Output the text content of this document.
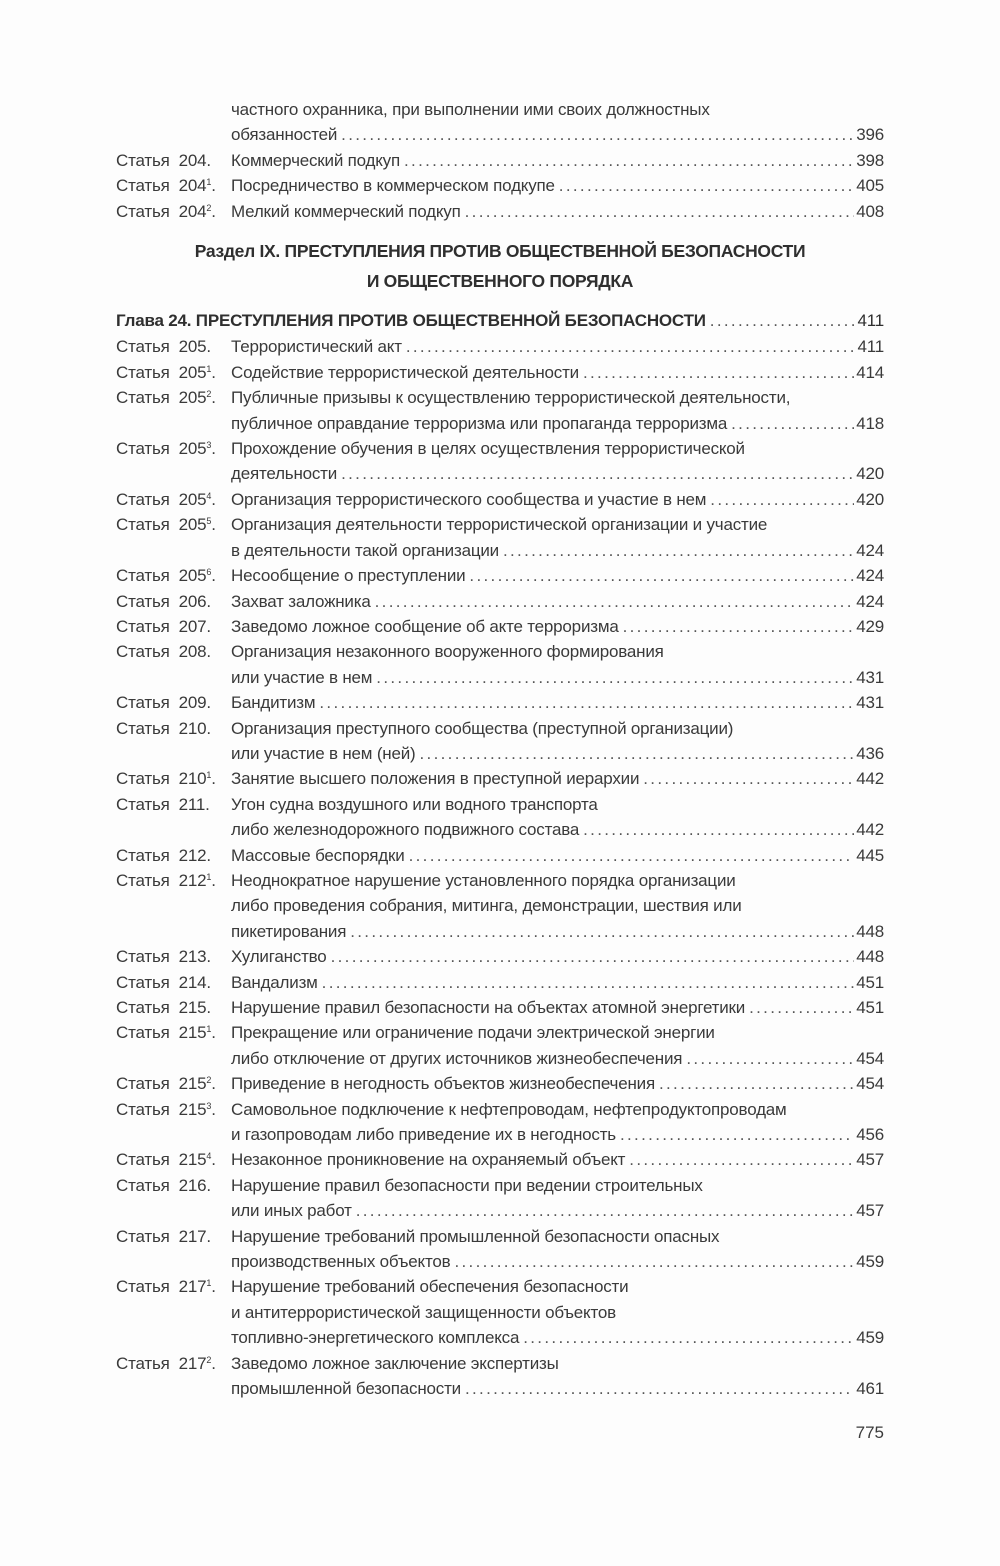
частного охранника, при выполнении ими своих должностных
обязанностей . . .	396
Статья 204.	Коммерческий подкуп . . .	398
Статья $204^1$. Посредничество в коммерческом подкупе . . .	405
Статья $204^2$. Мелкий коммерческий подкуп . . .	408
Раздел IX. ПРЕСТУПЛЕНИЯ ПРОТИВ ОБЩЕСТВЕННОЙ БЕЗОПАСНОСТИ
И ОБЩЕСТВЕННОГО ПОРЯДКА
Глава 24. ПРЕСТУПЛЕНИЯ ПРОТИВ ОБЩЕСТВЕННОЙ БЕЗОПАСНОСТИ . . .	411
Статья 205.	Террористический акт . . .	411
Статья $205^1$. Содействие террористической деятельности . . .	414
Статья $205^2$. Публичные призывы к осуществлению террористической деятельности,
публичное оправдание терроризма или пропаганда терроризма . . .	418
Статья $205^3$. Прохождение обучения в целях осуществления террористической
деятельности . . .	420
Статья $205^4$. Организация террористического сообщества и участие в нем . . .	420
Статья $205^5$. Организация деятельности террористической организации и участие
в деятельности такой организации . . .	424
Статья $205^6$. Несообщение о преступлении . . .	424
Статья 206.	Захват заложника . . .	424
Статья 207.	Заведомо ложное сообщение об акте терроризма . . .	429
Статья 208.	Организация незаконного вооруженного формирования
или участие в нем . . .	431
Статья 209.	Бандитизм . . .	431
Статья 210.	Организация преступного сообщества (преступной организации)
или участие в нем (ней) . . .	436
Статья $210^1$. Занятие высшего положения в преступной иерархии . . .	442
Статья 211.	Угон судна воздушного или водного транспорта
либо железнодорожного подвижного состава . . .	442
Статья 212.	Массовые беспорядки . . .	445
Статья $212^1$. Неоднократное нарушение установленного порядка организации
либо проведения собрания, митинга, демонстрации, шествия или
пикетирования . . .	448
Статья 213.	Хулиганство . . .	448
Статья 214.	Вандализм . . .	451
Статья 215.	Нарушение правил безопасности на объектах атомной энергетики . . .	451
Статья $215^1$. Прекращение или ограничение подачи электрической энергии
либо отключение от других источников жизнеобеспечения . . .	454
Статья $215^2$. Приведение в негодность объектов жизнеобеспечения . . .	454
Статья $215^3$. Самовольное подключение к нефтепроводам, нефтепродуктопроводам
и газопроводам либо приведение их в негодность . . .	456
Статья $215^4$. Незаконное проникновение на охраняемый объект . . .	457
Статья 216.	Нарушение правил безопасности при ведении строительных
или иных работ . . .	457
Статья 217.	Нарушение требований промышленной безопасности опасных
производственных объектов . . .	459
Статья $217^1$. Нарушение требований обеспечения безопасности
и антитеррористической защищенности объектов
топливно-энергетического комплекса . . .	459
Статья $217^2$. Заведомо ложное заключение экспертизы
промышленной безопасности . . .	461
775
